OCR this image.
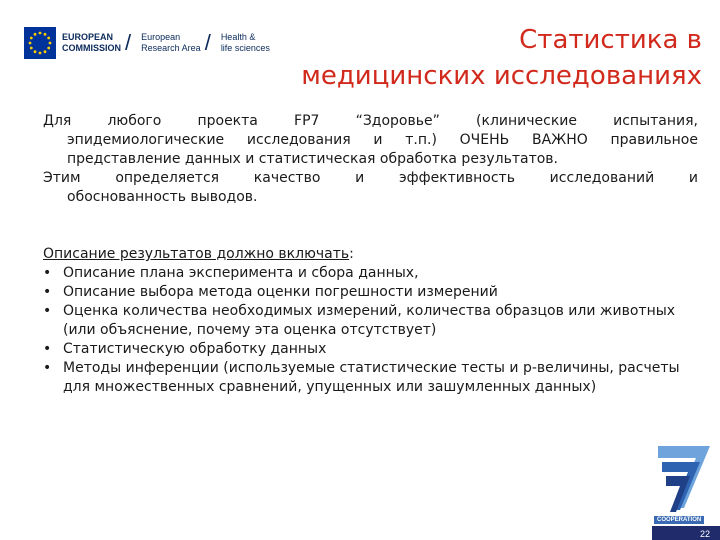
EUROPEAN
COMMISSION /	European
Research Area /	Health &
life sciences	Статистика в
медицинских исследованиях
Для любого проекта FP7 “Здоровье” (клинические испытания,
эпидемиологические исследования и т.п.) ОЧЕНЬ ВАЖНО правильное
представление данных и статистическая обработка результатов.
Этим определяется качество и эффективность исследований и
обоснованность выводов.
Описание результатов должно включать:
• Описание плана эксперимента и сбора данных,
• Описание выбора метода оценки погрешности измерений
• Оценка количества необходимых измерений, количества образцов или животных (или объяснение, почему эта оценка отсутствует)
• Статистическую обработку данных
• Методы инференции (используемые статистические тесты и р-величины, расчеты для множественных сравнений, упущенных или зашумленных данных)
COOPERATION
22
